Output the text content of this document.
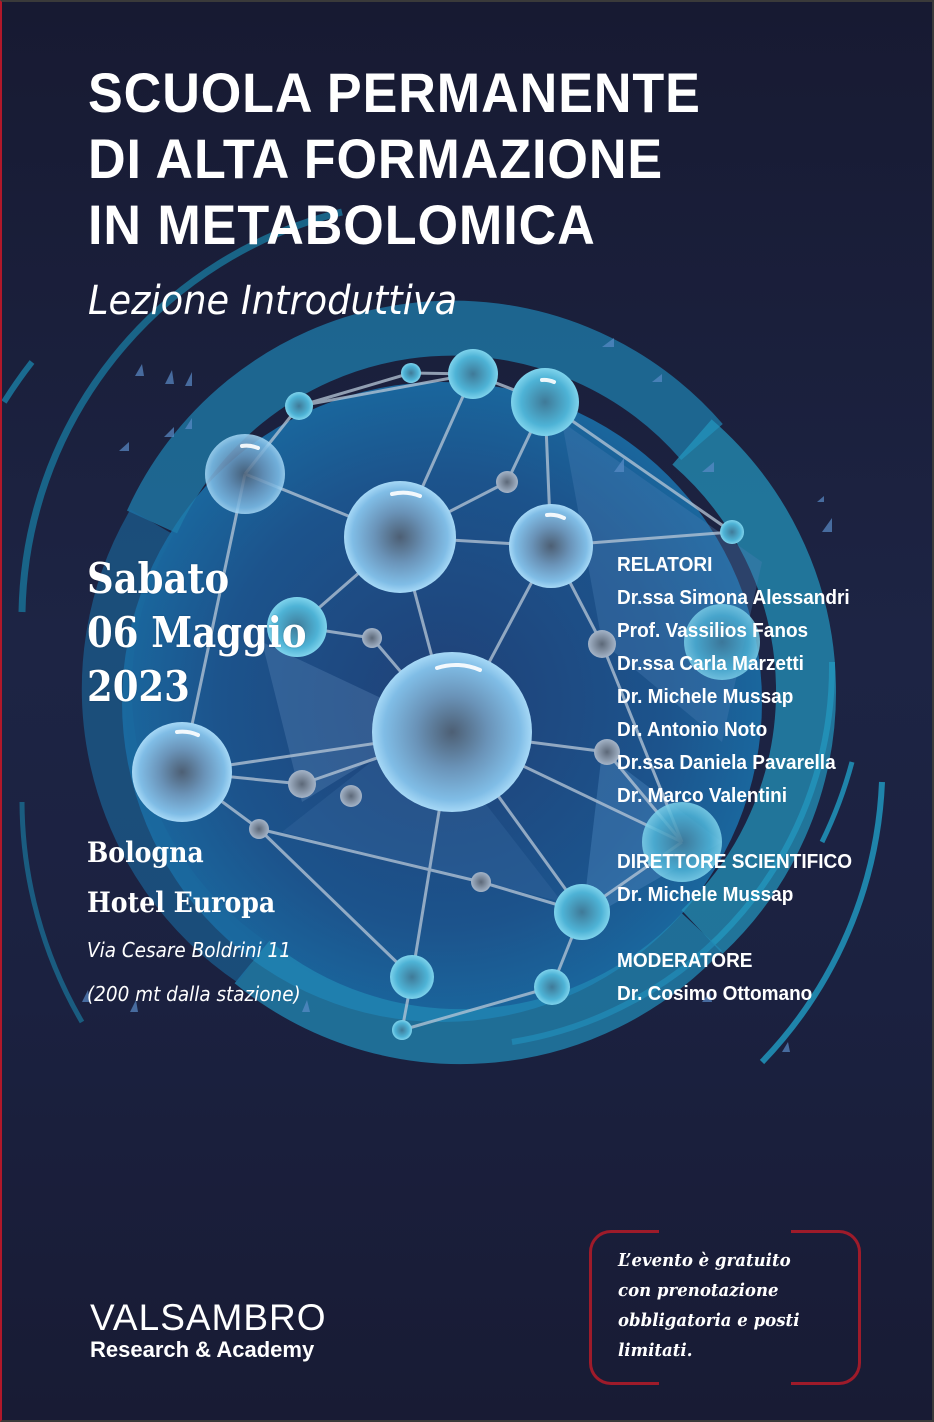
SCUOLA PERMANENTE
DI ALTA FORMAZIONE
IN METABOLOMICA
Lezione Introduttiva
Sabato
06 Maggio
2023
Bologna
Hotel Europa
Via Cesare Boldrini 11
(200 mt dalla stazione)
RELATORI
Dr.ssa Simona Alessandri
Prof. Vassilios Fanos
Dr.ssa Carla Marzetti
Dr. Michele Mussap
Dr. Antonio Noto
Dr.ssa Daniela Pavarella
Dr. Marco Valentini
DIRETTORE SCIENTIFICO
Dr. Michele Mussap
MODERATORE
Dr. Cosimo Ottomano
VALSAMBRO
Research & Academy
L’evento è gratuito
con prenotazione
obbligatoria e posti
limitati.
